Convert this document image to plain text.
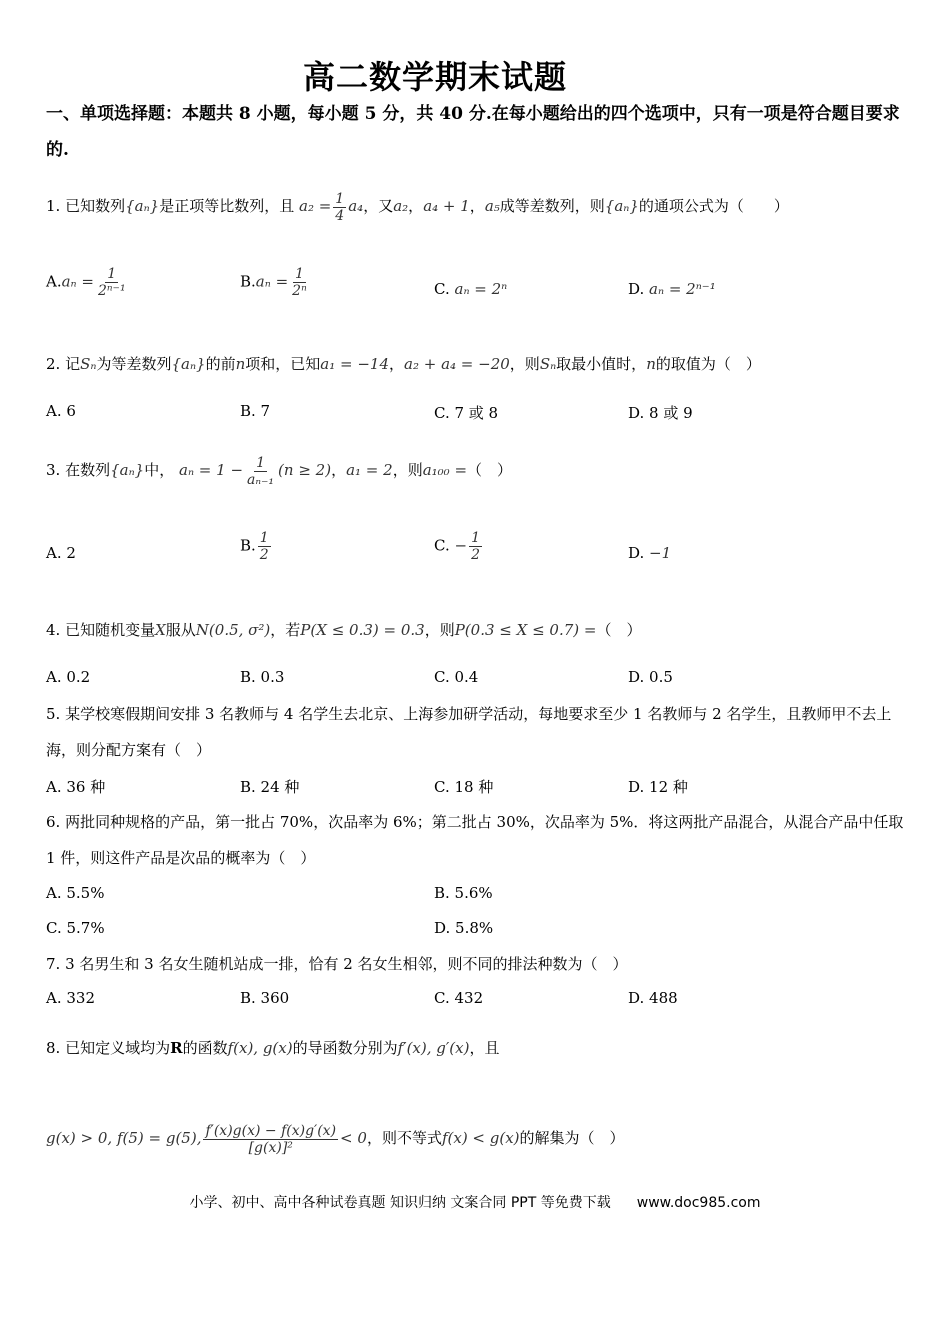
高二数学期末试题
一、单项选择题：本题共 8 小题，每小题 5 分，共 40 分.在每小题给出的四个选项中，只有一项是符合题目要求的.
1. 已知数列{aₙ}是正项等比数列，且 $a_2 = \frac{1}{4} a_4$，又a₂，a₄ + 1，a₅成等差数列，则{aₙ}的通项公式为（　　）
$A.a_n = \frac{1}{\text{2ⁿ⁻¹}}$	$B.a_n = \frac{1}{\text{2ⁿ}}$	C. aₙ = 2ⁿ	D. aₙ = 2ⁿ⁻¹
2. 记Sₙ为等差数列{aₙ}的前n项和，已知a₁ = −14，a₂ + a₄ = −20，则Sₙ取最小值时，n的取值为（　）
A. 6	B. 7	C. 7 或 8	D. 8 或 9
3. 在数列{aₙ}中， $a_n = 1 - \frac{1}{\text{aₙ₋₁}} (n \ge 2)$，a₁ = 2，则a₁₀₀ =（　）
A. 2	B. $\frac{1}{2}$	C. − $\frac{1}{2}$	D. −1
4. 已知随机变量X服从N(0.5, σ²)，若P(X ≤ 0.3) = 0.3，则P(0.3 ≤ X ≤ 0.7) =（　）
A. 0.2	B. 0.3	C. 0.4	D. 0.5
5. 某学校寒假期间安排 3 名教师与 4 名学生去北京、上海参加研学活动，每地要求至少 1 名教师与 2 名学生，且教师甲不去上海，则分配方案有（　）
A. 36 种	B. 24 种	C. 18 种	D. 12 种
6. 两批同种规格的产品，第一批占 70%，次品率为 6%；第二批占 30%，次品率为 5%．将这两批产品混合，从混合产品中任取 1 件，则这件产品是次品的概率为（　）
A. 5.5%	B. 5.6%
C. 5.7%	D. 5.8%
7. 3 名男生和 3 名女生随机站成一排，恰有 2 名女生相邻，则不同的排法种数为（　）
A. 332	B. 360	C. 432	D. 488
8. 已知定义域均为R的函数f(x), g(x)的导函数分别为f′(x), g′(x)，且
g(x) > 0, f(5) = g(5), $\frac{f'(x)g(x) - f(x)g'(x)}{\text{[g(x)]²}} < 0$，则不等式f(x) < g(x)的解集为（　）
小学、初中、高中各种试卷真题 知识归纳 文案合同 PPT 等免费下载 www.doc985.com
